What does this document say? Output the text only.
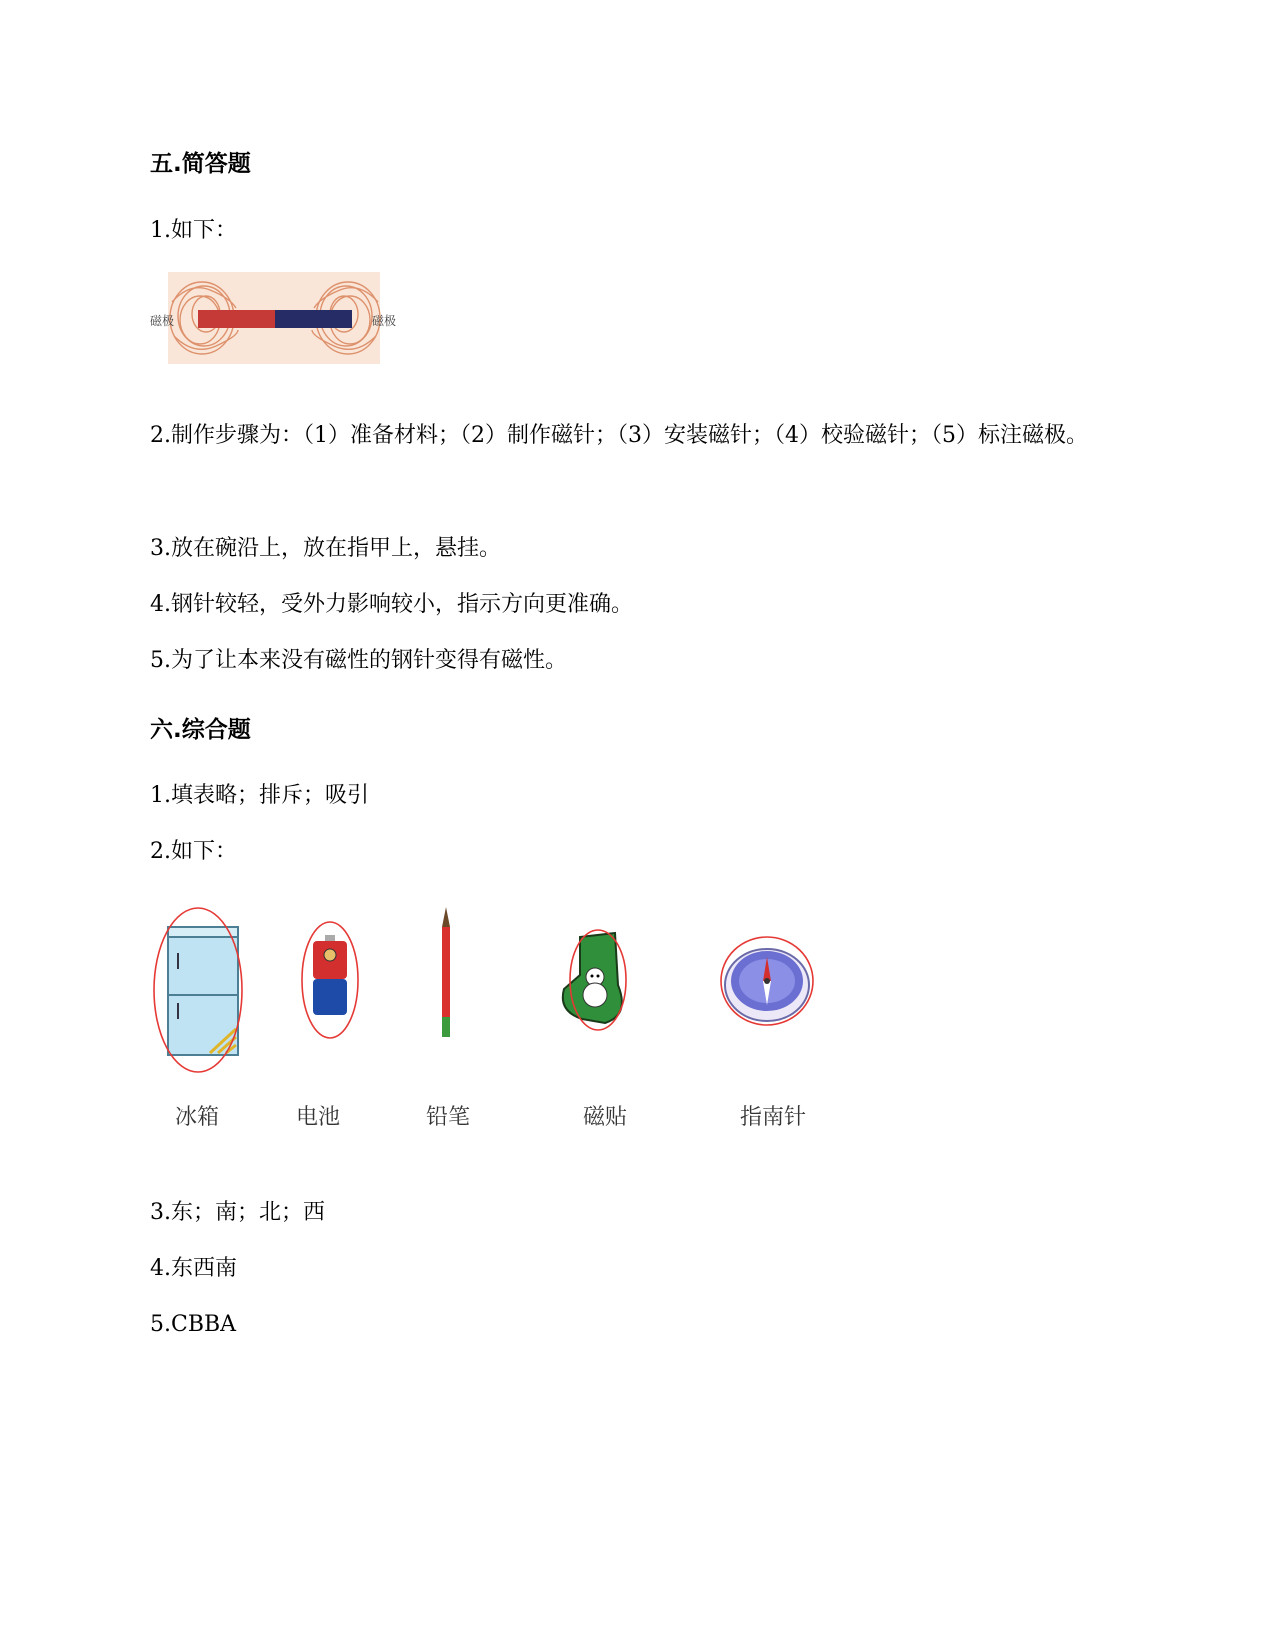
五.简答题
1.如下：
磁极	磁极
2.制作步骤为：（1）准备材料；（2）制作磁针；（3）安装磁针；（4）校验磁针；（5）标注磁极。
3.放在碗沿上，放在指甲上，悬挂。
4.钢针较轻，受外力影响较小，指示方向更准确。
5.为了让本来没有磁性的钢针变得有磁性。
六.综合题
1.填表略；排斥；吸引
2.如下：
冰箱	电池	铅笔	磁贴	指南针
3.东；南；北；西
4.东西南
5.CBBA
